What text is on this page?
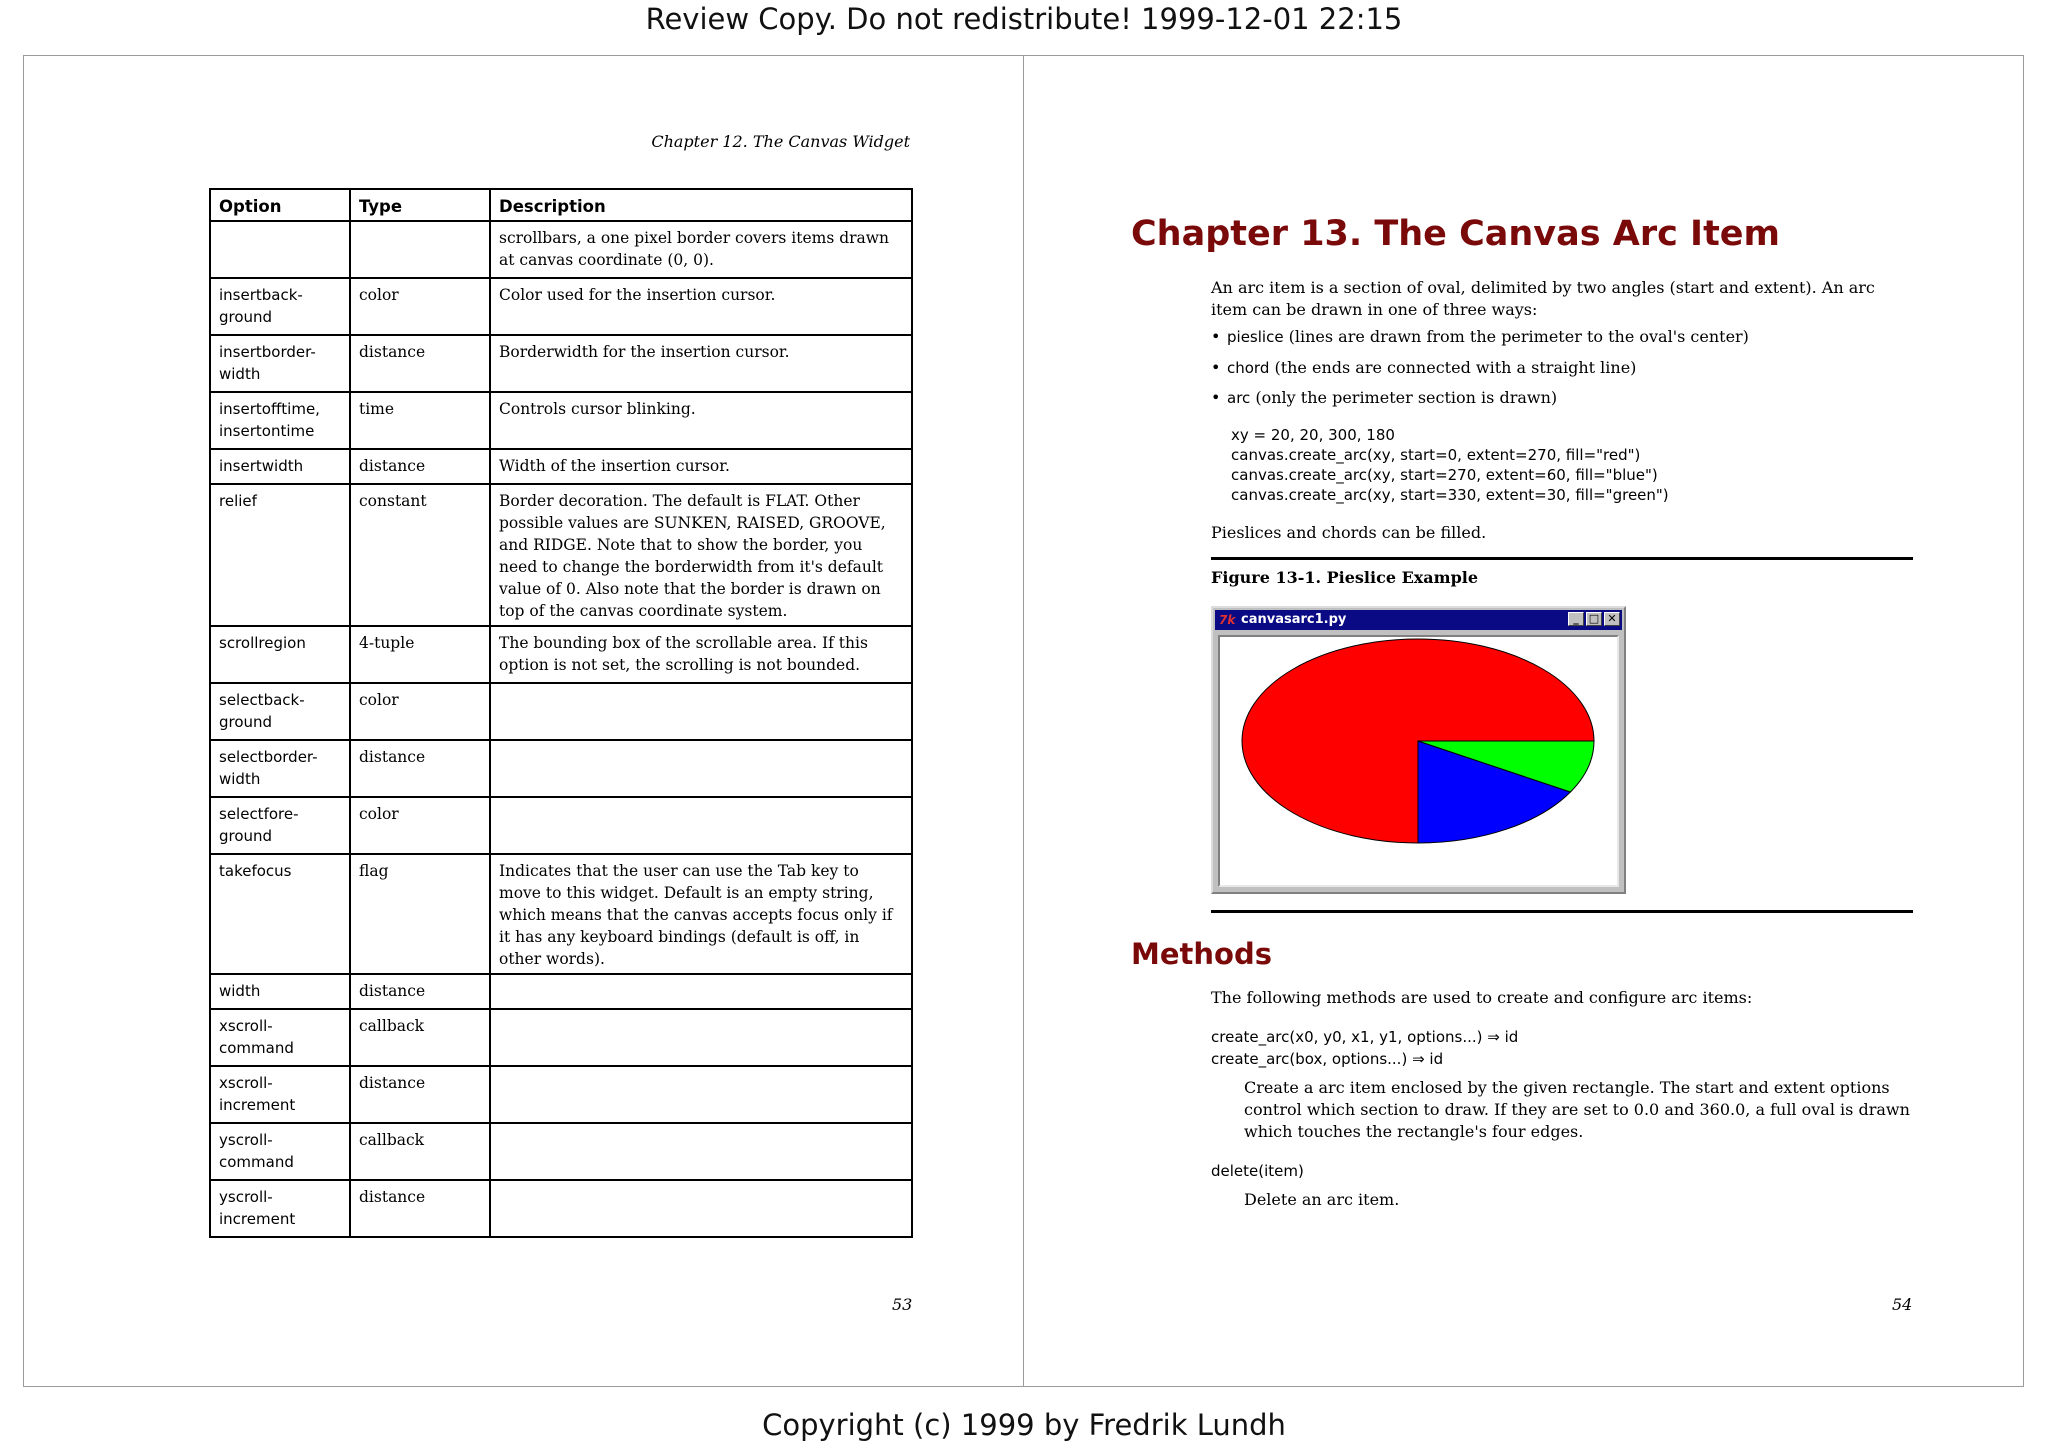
Review Copy. Do not redistribute! 1999-12-01 22:15
Chapter 12. The Canvas Widget
Option	Type	Description
		scrollbars, a one pixel border covers items drawn at canvas coordinate (0, 0).
insertback-ground	color	Color used for the insertion cursor.
insertborder-width	distance	Borderwidth for the insertion cursor.
insertofftime, insertontime	time	Controls cursor blinking.
insertwidth	distance	Width of the insertion cursor.
relief	constant	Border decoration. The default is FLAT. Other possible values are SUNKEN, RAISED, GROOVE, and RIDGE. Note that to show the border, you need to change the borderwidth from it's default value of 0. Also note that the border is drawn on top of the canvas coordinate system.
scrollregion	4-tuple	The bounding box of the scrollable area. If this option is not set, the scrolling is not bounded.
selectback-ground	color	
selectborder-width	distance	
selectfore-ground	color	
takefocus	flag	Indicates that the user can use the Tab key to move to this widget. Default is an empty string, which means that the canvas accepts focus only if it has any keyboard bindings (default is off, in other words).
width	distance	
xscroll-command	callback	
xscroll-increment	distance	
yscroll-command	callback	
yscroll-increment	distance	
53
Chapter 13. The Canvas Arc Item
An arc item is a section of oval, delimited by two angles (start and extent). An arc item can be drawn in one of three ways:
• pieslice (lines are drawn from the perimeter to the oval's center)
• chord (the ends are connected with a straight line)
• arc (only the perimeter section is drawn)
xy = 20, 20, 300, 180
canvas.create_arc(xy, start=0, extent=270, fill="red")
canvas.create_arc(xy, start=270, extent=60, fill="blue")
canvas.create_arc(xy, start=330, extent=30, fill="green")
Pieslices and chords can be filled.
Figure 13-1. Pieslice Example
7k canvasarc1.py	_ □ ✕
Methods
The following methods are used to create and configure arc items:
create_arc(x0, y0, x1, y1, options...) ⇒ id
create_arc(box, options...) ⇒ id
Create a arc item enclosed by the given rectangle. The start and extent options control which section to draw. If they are set to 0.0 and 360.0, a full oval is drawn which touches the rectangle's four edges.
delete(item)
Delete an arc item.
54
Copyright (c) 1999 by Fredrik Lundh
